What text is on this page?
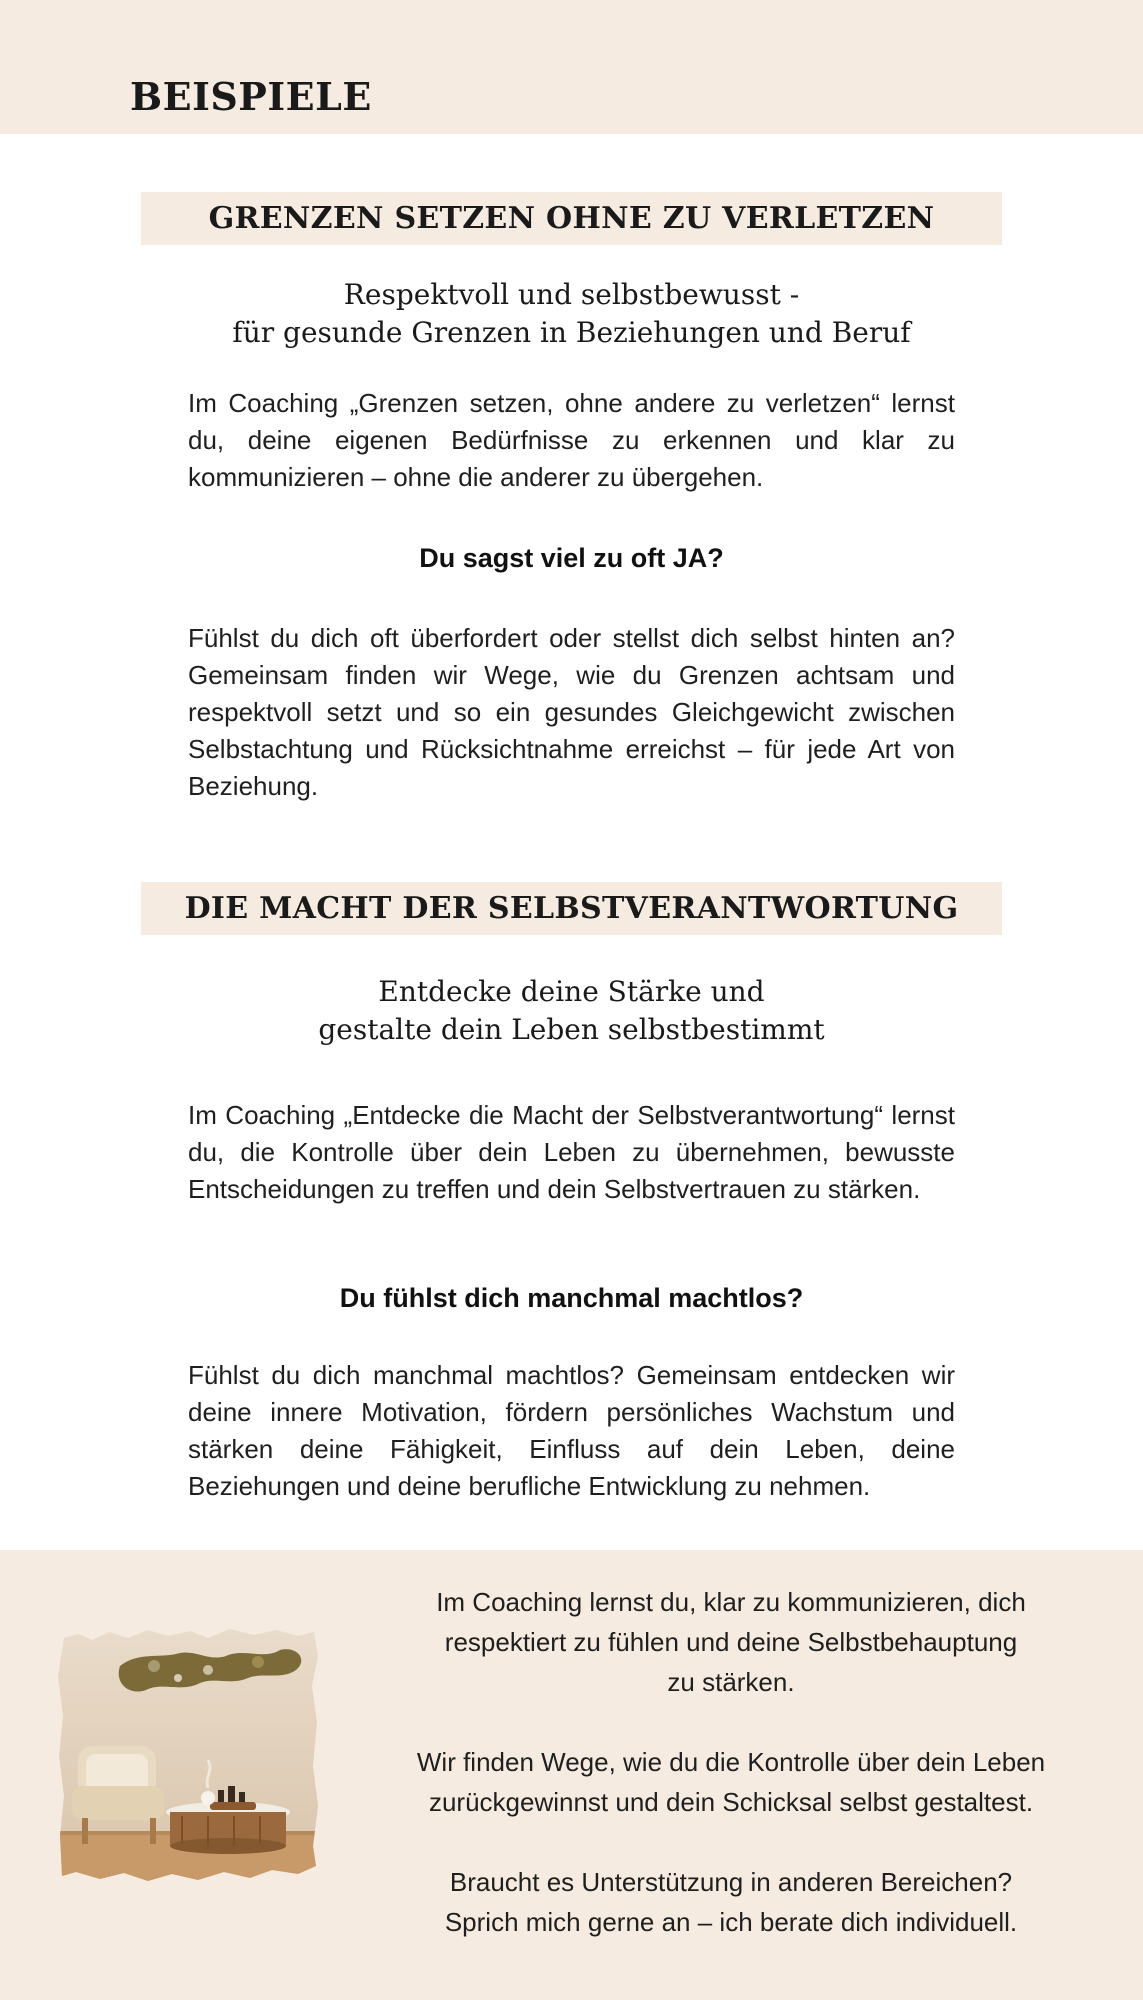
BEISPIELE
GRENZEN SETZEN OHNE ZU VERLETZEN
Respektvoll und selbstbewusst -
für gesunde Grenzen in Beziehungen und Beruf

Im Coaching „Grenzen setzen, ohne andere zu verletzen“ lernst du, deine eigenen Bedürfnisse zu erkennen und klar zu kommunizieren – ohne die anderer zu übergehen.

Du sagst viel zu oft JA?

Fühlst du dich oft überfordert oder stellst dich selbst hinten an? Gemeinsam finden wir Wege, wie du Grenzen achtsam und respektvoll setzt und so ein gesundes Gleichgewicht zwischen Selbstachtung und Rücksichtnahme erreichst – für jede Art von Beziehung.

DIE MACHT DER SELBSTVERANTWORTUNG
Entdecke deine Stärke und
gestalte dein Leben selbstbestimmt

Im Coaching „Entdecke die Macht der Selbstverantwortung“ lernst du, die Kontrolle über dein Leben zu übernehmen, bewusste Entscheidungen zu treffen und dein Selbstvertrauen zu stärken.

Du fühlst dich manchmal machtlos?

Fühlst du dich manchmal machtlos? Gemeinsam entdecken wir deine innere Motivation, fördern persönliches Wachstum und stärken deine Fähigkeit, Einfluss auf dein Leben, deine Beziehungen und deine berufliche Entwicklung zu nehmen.

Im Coaching lernst du, klar zu kommunizieren, dich
respektiert zu fühlen und deine Selbstbehauptung
zu stärken.

Wir finden Wege, wie du die Kontrolle über dein Leben
zurückgewinnst und dein Schicksal selbst gestaltest.

Braucht es Unterstützung in anderen Bereichen?
Sprich mich gerne an – ich berate dich individuell.
